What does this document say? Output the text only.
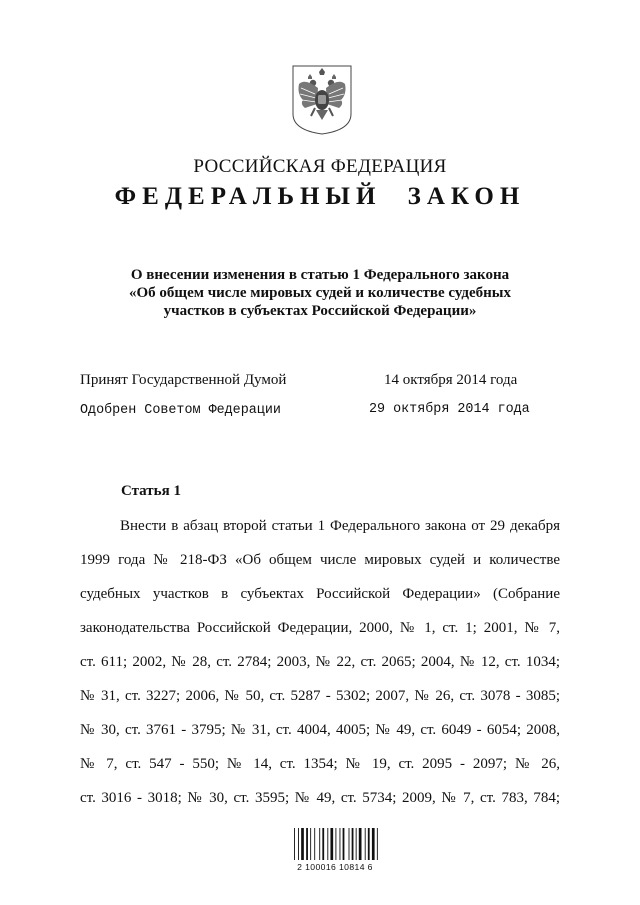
РОССИЙСКАЯ ФЕДЕРАЦИЯ
ФЕДЕРАЛЬНЫЙ ЗАКОН
О внесении изменения в статью 1 Федерального закона
«Об общем числе мировых судей и количестве судебных
участков в субъектах Российской Федерации»
Принят Государственной Думой	14 октября 2014 года
Одобрен Советом Федерации	29 октября 2014 года
Статья 1
Внести в абзац второй статьи 1 Федерального закона от 29 декабря
1999 года № 218-ФЗ «Об общем числе мировых судей и количестве
судебных участков в субъектах Российской Федерации» (Собрание
законодательства Российской Федерации, 2000, № 1, ст. 1; 2001, № 7,
ст. 611; 2002, № 28, ст. 2784; 2003, № 22, ст. 2065; 2004, № 12, ст. 1034;
№ 31, ст. 3227; 2006, № 50, ст. 5287 - 5302; 2007, № 26, ст. 3078 - 3085;
№ 30, ст. 3761 - 3795; № 31, ст. 4004, 4005; № 49, ст. 6049 - 6054; 2008,
№ 7, ст. 547 - 550; № 14, ст. 1354; № 19, ст. 2095 - 2097; № 26,
ст. 3016 - 3018; № 30, ст. 3595; № 49, ст. 5734; 2009, № 7, ст. 783, 784;
2 100016 10814 6
